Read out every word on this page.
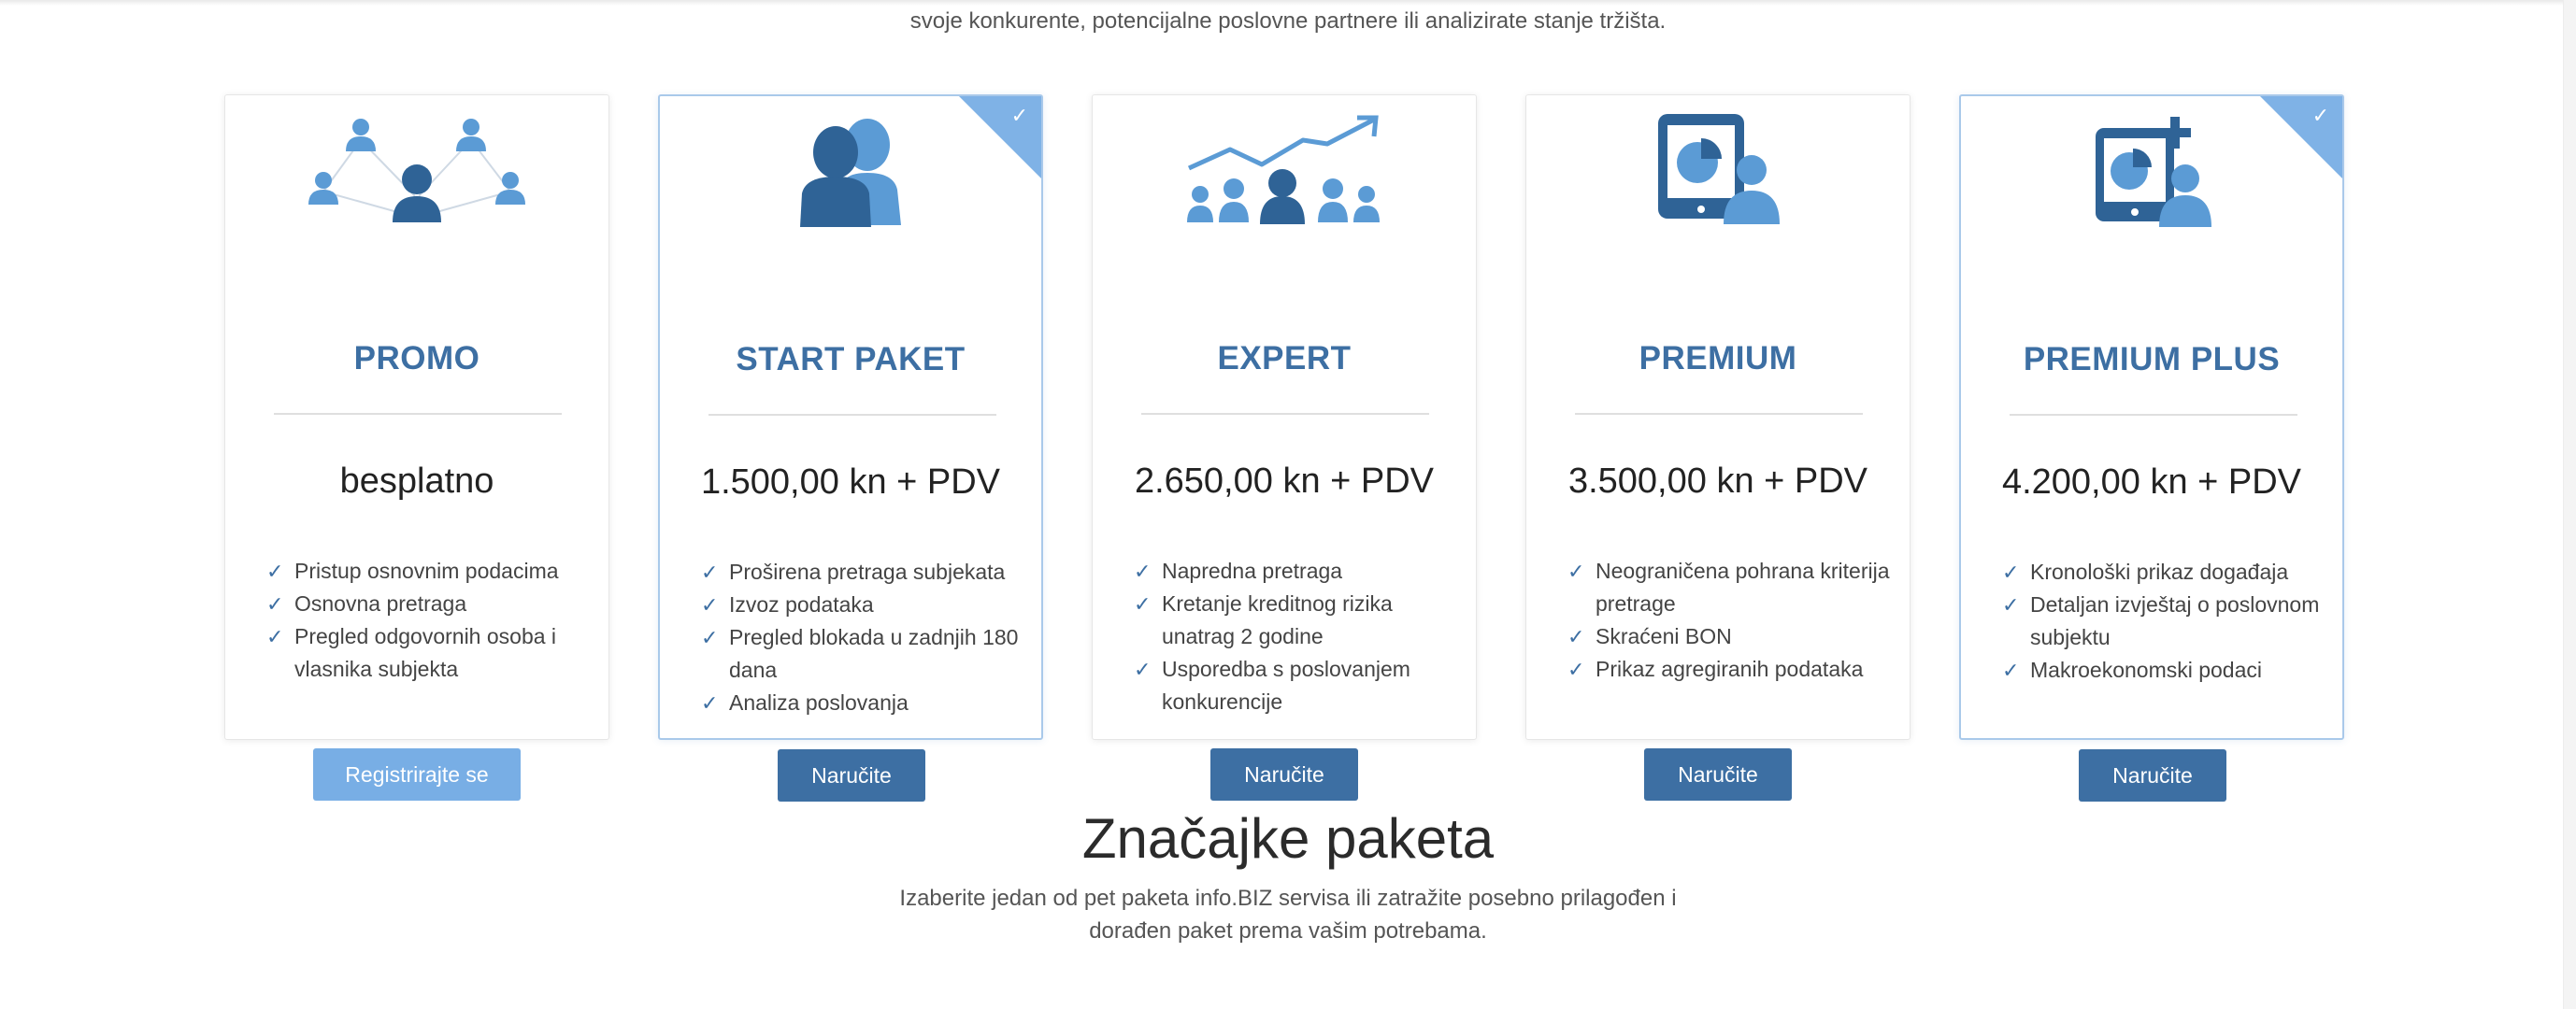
svoje konkurente, potencijalne poslovne partnere ili analizirate stanje tržišta.
PROMO
besplatno
✓ Pristup osnovnim podacima
✓ Osnovna pretraga
✓ Pregled odgovornih osoba i vlasnika subjekta
Registrirajte se
✓
START PAKET
1.500,00 kn + PDV
✓ Proširena pretraga subjekata
✓ Izvoz podataka
✓ Pregled blokada u zadnjih 180 dana
✓ Analiza poslovanja
Naručite
EXPERT
2.650,00 kn + PDV
✓ Napredna pretraga
✓ Kretanje kreditnog rizika unatrag 2 godine
✓ Usporedba s poslovanjem konkurencije
Naručite
PREMIUM
3.500,00 kn + PDV
✓ Neograničena pohrana kriterija pretrage
✓ Skraćeni BON
✓ Prikaz agregiranih podataka
Naručite
✓
PREMIUM PLUS
4.200,00 kn + PDV
✓ Kronološki prikaz događaja
✓ Detaljan izvještaj o poslovnom subjektu
✓ Makroekonomski podaci
Naručite
Značajke paketa
Izaberite jedan od pet paketa info.BIZ servisa ili zatražite posebno prilagođen i
dorađen paket prema vašim potrebama.
